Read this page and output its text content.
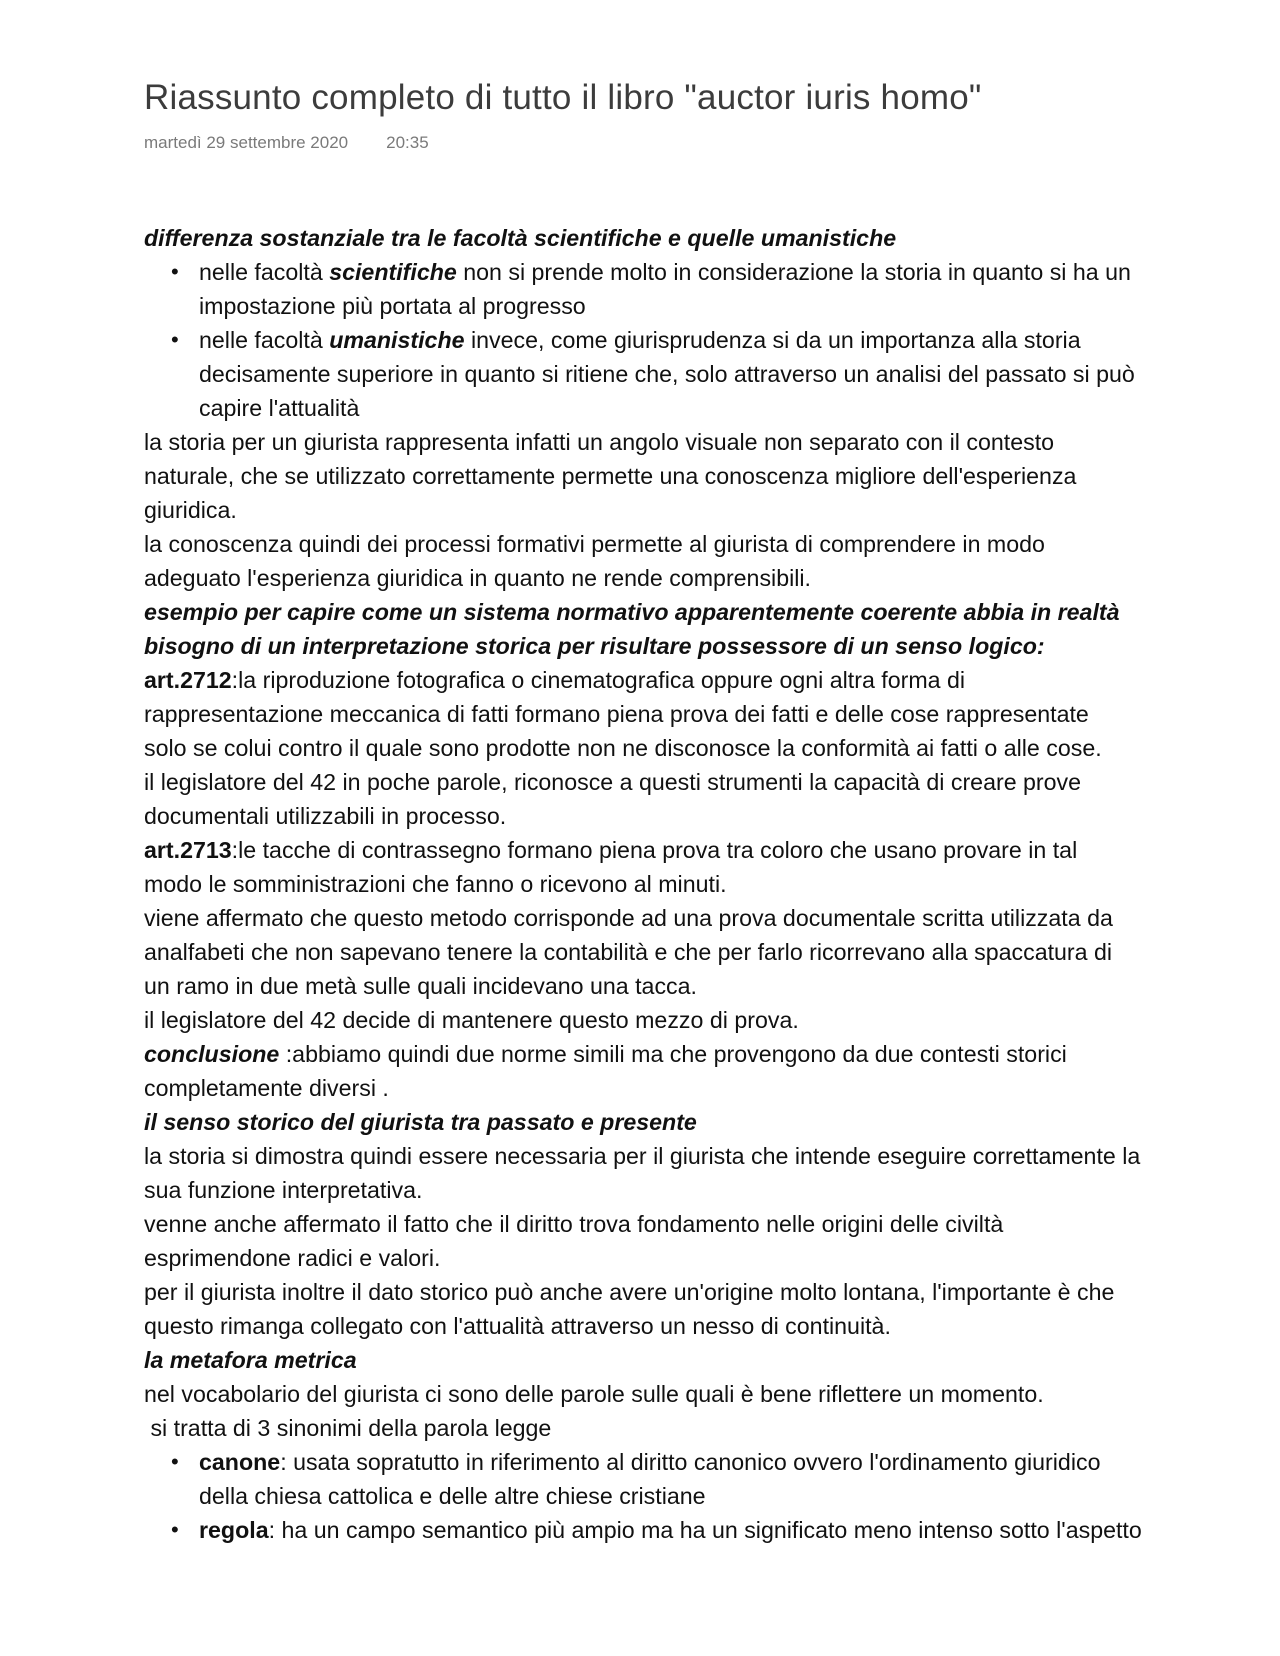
Riassunto completo di tutto il libro "auctor iuris homo"
martedì 29 settembre 2020 20:35
differenza sostanziale tra le facoltà scientifiche e quelle umanistiche
• nelle facoltà scientifiche non si prende molto in considerazione la storia in quanto si ha un
impostazione più portata al progresso
• nelle facoltà umanistiche invece, come giurisprudenza si da un importanza alla storia
decisamente superiore in quanto si ritiene che, solo attraverso un analisi del passato si può
capire l'attualità
la storia per un giurista rappresenta infatti un angolo visuale non separato con il contesto
naturale, che se utilizzato correttamente permette una conoscenza migliore dell'esperienza
giuridica.
la conoscenza quindi dei processi formativi permette al giurista di comprendere in modo
adeguato l'esperienza giuridica in quanto ne rende comprensibili.
esempio per capire come un sistema normativo apparentemente coerente abbia in realtà
bisogno di un interpretazione storica per risultare possessore di un senso logico:
art.2712:la riproduzione fotografica o cinematografica oppure ogni altra forma di
rappresentazione meccanica di fatti formano piena prova dei fatti e delle cose rappresentate
solo se colui contro il quale sono prodotte non ne disconosce la conformità ai fatti o alle cose.
il legislatore del 42 in poche parole, riconosce a questi strumenti la capacità di creare prove
documentali utilizzabili in processo.
art.2713:le tacche di contrassegno formano piena prova tra coloro che usano provare in tal
modo le somministrazioni che fanno o ricevono al minuti.
viene affermato che questo metodo corrisponde ad una prova documentale scritta utilizzata da
analfabeti che non sapevano tenere la contabilità e che per farlo ricorrevano alla spaccatura di
un ramo in due metà sulle quali incidevano una tacca.
il legislatore del 42 decide di mantenere questo mezzo di prova.
conclusione :abbiamo quindi due norme simili ma che provengono da due contesti storici
completamente diversi .
il senso storico del giurista tra passato e presente
la storia si dimostra quindi essere necessaria per il giurista che intende eseguire correttamente la
sua funzione interpretativa.
venne anche affermato il fatto che il diritto trova fondamento nelle origini delle civiltà
esprimendone radici e valori.
per il giurista inoltre il dato storico può anche avere un'origine molto lontana, l'importante è che
questo rimanga collegato con l'attualità attraverso un nesso di continuità.
la metafora metrica
nel vocabolario del giurista ci sono delle parole sulle quali è bene riflettere un momento.
si tratta di 3 sinonimi della parola legge
• canone: usata sopratutto in riferimento al diritto canonico ovvero l'ordinamento giuridico
della chiesa cattolica e delle altre chiese cristiane
• regola: ha un campo semantico più ampio ma ha un significato meno intenso sotto l'aspetto
